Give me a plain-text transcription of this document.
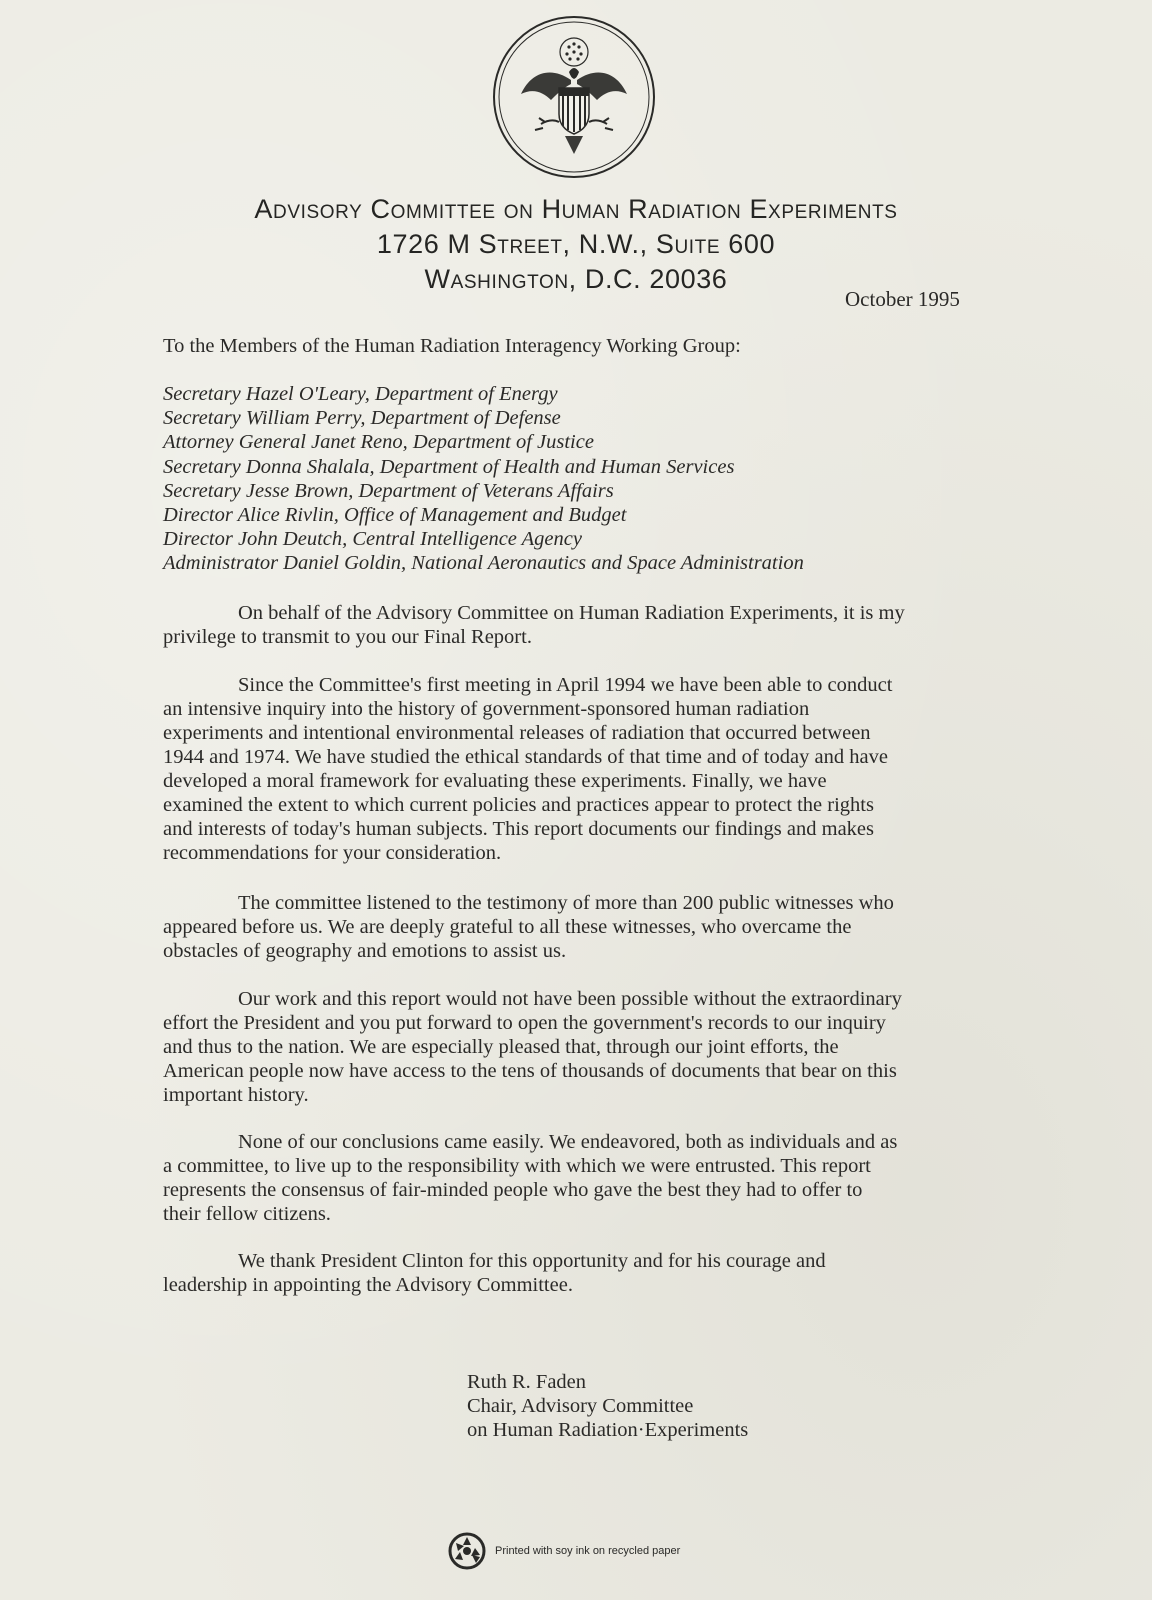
Advisory Committee on Human Radiation Experiments
1726 M Street, N.W., Suite 600
Washington, D.C. 20036
October 1995
To the Members of the Human Radiation Interagency Working Group:
Secretary Hazel O'Leary, Department of Energy
Secretary William Perry, Department of Defense
Attorney General Janet Reno, Department of Justice
Secretary Donna Shalala, Department of Health and Human Services
Secretary Jesse Brown, Department of Veterans Affairs
Director Alice Rivlin, Office of Management and Budget
Director John Deutch, Central Intelligence Agency
Administrator Daniel Goldin, National Aeronautics and Space Administration

On behalf of the Advisory Committee on Human Radiation Experiments, it is my
privilege to transmit to you our Final Report.

Since the Committee's first meeting in April 1994 we have been able to conduct
an intensive inquiry into the history of government-sponsored human radiation
experiments and intentional environmental releases of radiation that occurred between
1944 and 1974. We have studied the ethical standards of that time and of today and have
developed a moral framework for evaluating these experiments. Finally, we have
examined the extent to which current policies and practices appear to protect the rights
and interests of today's human subjects. This report documents our findings and makes
recommendations for your consideration.

The committee listened to the testimony of more than 200 public witnesses who
appeared before us. We are deeply grateful to all these witnesses, who overcame the
obstacles of geography and emotions to assist us.

Our work and this report would not have been possible without the extraordinary
effort the President and you put forward to open the government's records to our inquiry
and thus to the nation. We are especially pleased that, through our joint efforts, the
American people now have access to the tens of thousands of documents that bear on this
important history.

None of our conclusions came easily. We endeavored, both as individuals and as
a committee, to live up to the responsibility with which we were entrusted. This report
represents the consensus of fair-minded people who gave the best they had to offer to
their fellow citizens.

We thank President Clinton for this opportunity and for his courage and
leadership in appointing the Advisory Committee.

Ruth R. Faden
Chair, Advisory Committee
on Human Radiation·Experiments
Printed with soy ink on recycled paper
